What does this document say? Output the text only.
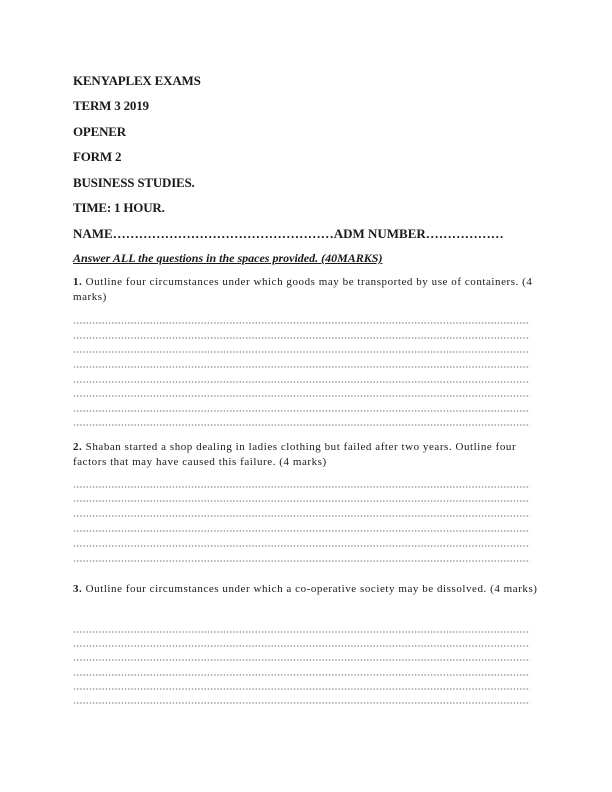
KENYAPLEX EXAMS
TERM 3 2019
OPENER
FORM 2
BUSINESS STUDIES.
TIME: 1 HOUR.
NAME……………………………………………ADM NUMBER………………
Answer ALL the questions in the spaces provided. (40MARKS)
1. Outline four circumstances under which goods may be transported by use of containers. (4 marks)
2. Shaban started a shop dealing in ladies clothing but failed after two years. Outline four factors that may have caused this failure. (4 marks)
3. Outline four circumstances under which a co-operative society may be dissolved. (4 marks)
